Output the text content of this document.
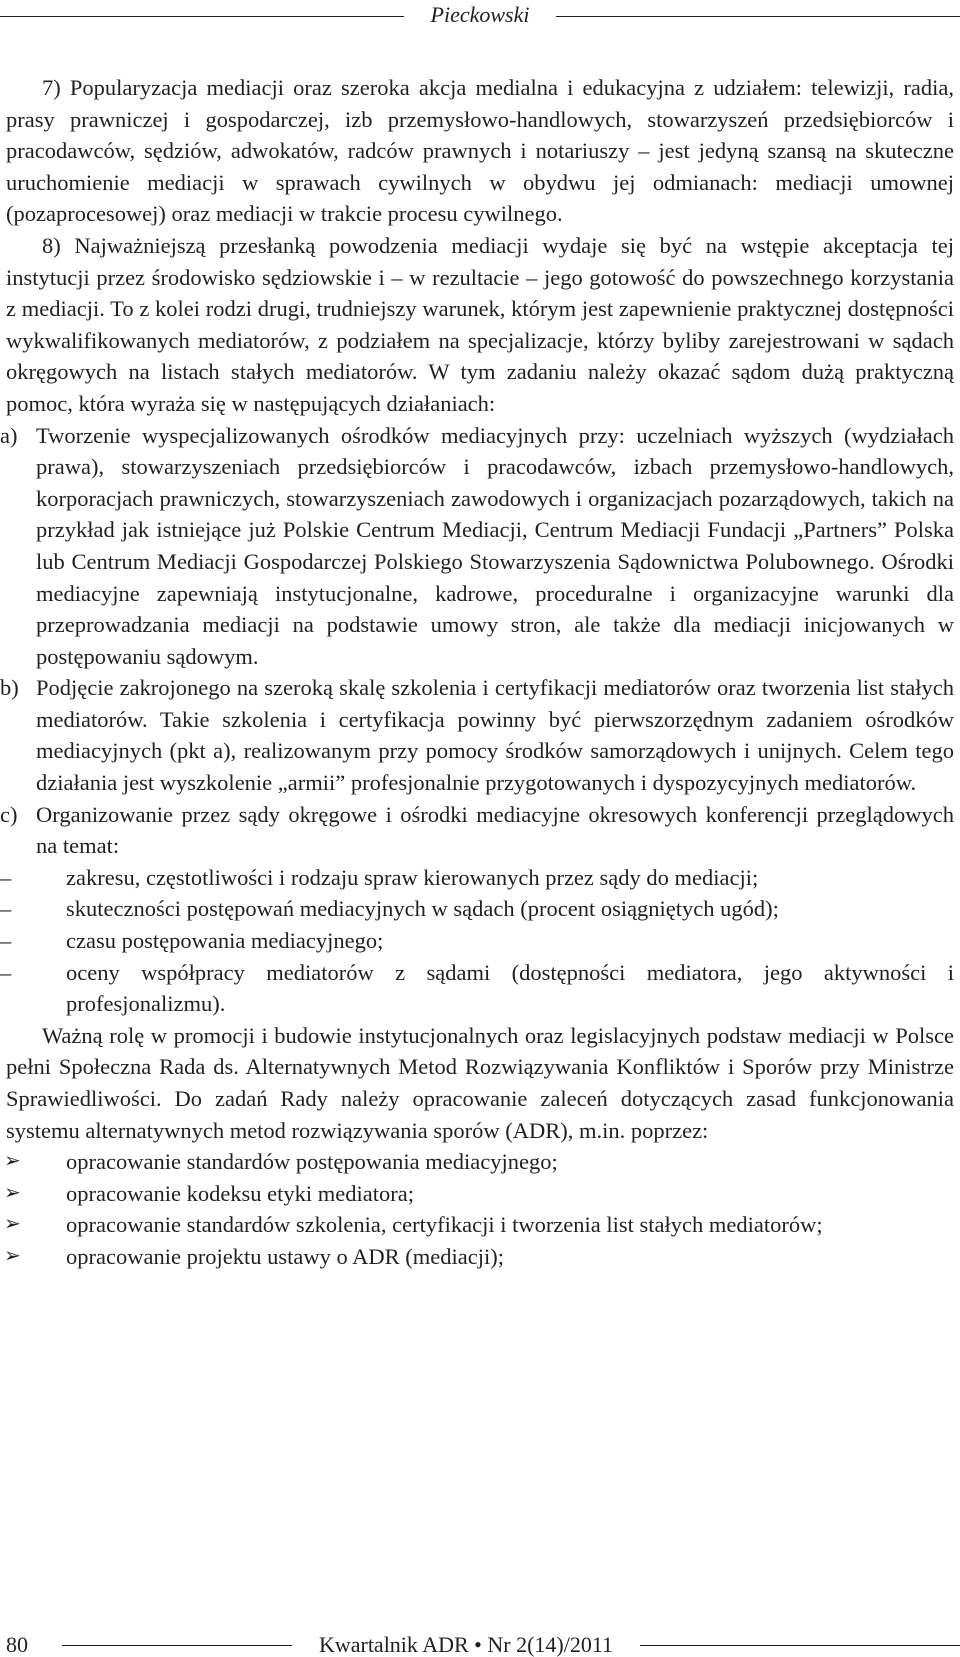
Pieckowski

7) Popularyzacja mediacji oraz szeroka akcja medialna i edukacyjna z udziałem: telewizji, radia, prasy prawniczej i gospodarczej, izb przemysłowo-handlowych, stowarzyszeń przedsiębiorców i pracodawców, sędziów, adwokatów, radców prawnych i notariuszy – jest jedyną szansą na skuteczne uruchomienie mediacji w sprawach cywilnych w obydwu jej odmianach: mediacji umownej (pozaprocesowej) oraz mediacji w trakcie procesu cywilnego.

8) Najważniejszą przesłanką powodzenia mediacji wydaje się być na wstępie akceptacja tej instytucji przez środowisko sędziowskie i – w rezultacie – jego gotowość do powszechnego korzystania z mediacji. To z kolei rodzi drugi, trudniejszy warunek, którym jest zapewnienie praktycznej dostępności wykwalifikowanych mediatorów, z podziałem na specjalizacje, którzy byliby zarejestrowani w sądach okręgowych na listach stałych mediatorów. W tym zadaniu należy okazać sądom dużą praktyczną pomoc, która wyraża się w następujących działaniach:

a) Tworzenie wyspecjalizowanych ośrodków mediacyjnych przy: uczelniach wyższych (wydziałach prawa), stowarzyszeniach przedsiębiorców i pracodawców, izbach przemysłowo-handlowych, korporacjach prawniczych, stowarzyszeniach zawodowych i organizacjach pozarządowych, takich na przykład jak istniejące już Polskie Centrum Mediacji, Centrum Mediacji Fundacji „Partners” Polska lub Centrum Mediacji Gospodarczej Polskiego Stowarzyszenia Sądownictwa Polubownego. Ośrodki mediacyjne zapewniają instytucjonalne, kadrowe, proceduralne i organizacyjne warunki dla przeprowadzania mediacji na podstawie umowy stron, ale także dla mediacji inicjowanych w postępowaniu sądowym.
b) Podjęcie zakrojonego na szeroką skalę szkolenia i certyfikacji mediatorów oraz tworzenia list stałych mediatorów. Takie szkolenia i certyfikacja powinny być pierwszorzędnym zadaniem ośrodków mediacyjnych (pkt a), realizowanym przy pomocy środków samorządowych i unijnych. Celem tego działania jest wyszkolenie „armii” profesjonalnie przygotowanych i dyspozycyjnych mediatorów.
c) Organizowanie przez sądy okręgowe i ośrodki mediacyjne okresowych konferencji przeglądowych na temat:
– zakresu, częstotliwości i rodzaju spraw kierowanych przez sądy do mediacji;
– skuteczności postępowań mediacyjnych w sądach (procent osiągniętych ugód);
– czasu postępowania mediacyjnego;
– oceny współpracy mediatorów z sądami (dostępności mediatora, jego aktywności i profesjonalizmu).

Ważną rolę w promocji i budowie instytucjonalnych oraz legislacyjnych podstaw mediacji w Polsce pełni Społeczna Rada ds. Alternatywnych Metod Rozwiązywania Konfliktów i Sporów przy Ministrze Sprawiedliwości. Do zadań Rady należy opracowanie zaleceń dotyczących zasad funkcjonowania systemu alternatywnych metod rozwiązywania sporów (ADR), m.in. poprzez:

➢ opracowanie standardów postępowania mediacyjnego;
➢ opracowanie kodeksu etyki mediatora;
➢ opracowanie standardów szkolenia, certyfikacji i tworzenia list stałych mediatorów;
➢ opracowanie projektu ustawy o ADR (mediacji);
80	Kwartalnik ADR • Nr 2(14)/2011
